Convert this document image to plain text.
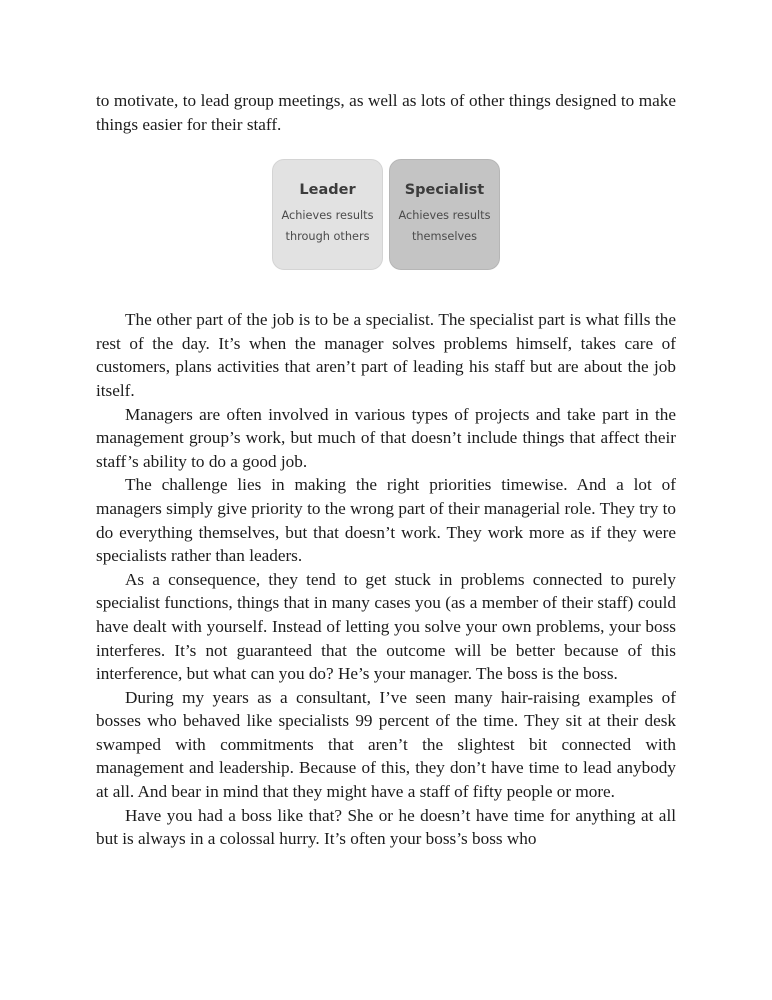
to motivate, to lead group meetings, as well as lots of other things designed to make things easier for their staff.

Leader
Achieves results
through others
Specialist
Achieves results
themselves

The other part of the job is to be a specialist. The specialist part is what fills the rest of the day. It’s when the manager solves problems himself, takes care of customers, plans activities that aren’t part of leading his staff but are about the job itself.

Managers are often involved in various types of projects and take part in the management group’s work, but much of that doesn’t include things that affect their staff’s ability to do a good job.

The challenge lies in making the right priorities timewise. And a lot of managers simply give priority to the wrong part of their managerial role. They try to do everything themselves, but that doesn’t work. They work more as if they were specialists rather than leaders.

As a consequence, they tend to get stuck in problems connected to purely specialist functions, things that in many cases you (as a member of their staff) could have dealt with yourself. Instead of letting you solve your own problems, your boss interferes. It’s not guaranteed that the outcome will be better because of this interference, but what can you do? He’s your manager. The boss is the boss.

During my years as a consultant, I’ve seen many hair-raising examples of bosses who behaved like specialists 99 percent of the time. They sit at their desk swamped with commitments that aren’t the slightest bit connected with management and leadership. Because of this, they don’t have time to lead anybody at all. And bear in mind that they might have a staff of fifty people or more.

Have you had a boss like that? She or he doesn’t have time for anything at all but is always in a colossal hurry. It’s often your boss’s boss who
